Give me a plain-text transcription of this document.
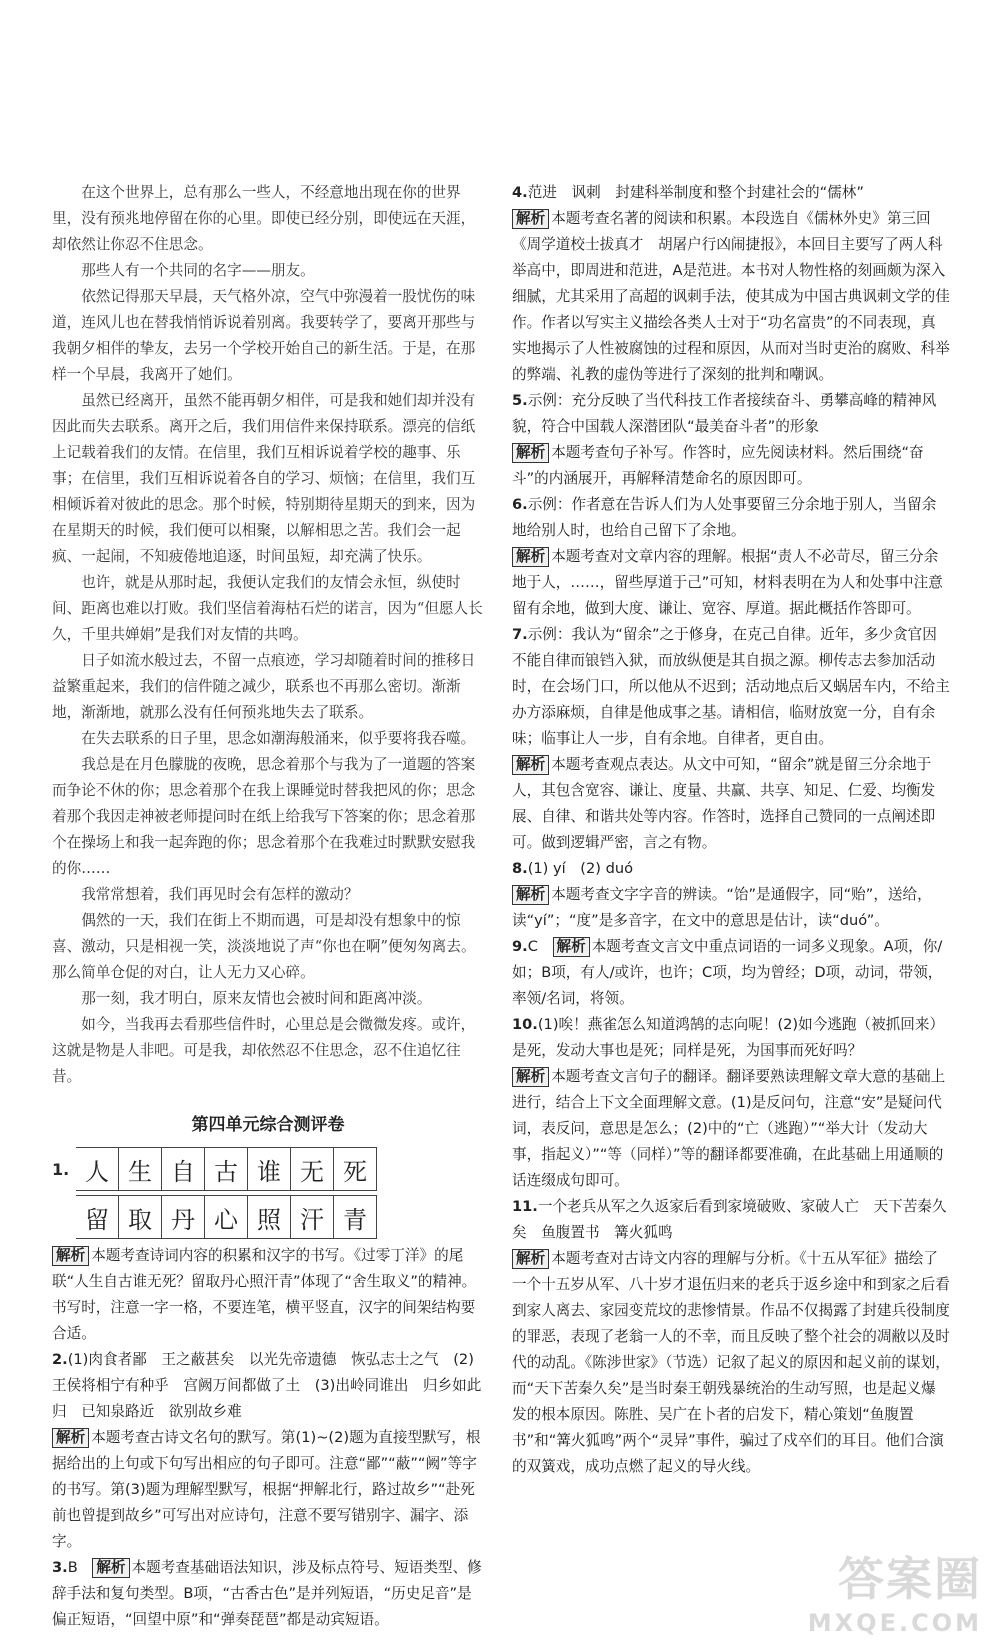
在这个世界上，总有那么一些人，不经意地出现在你的世界里，没有预兆地停留在你的心里。即使已经分别，即使远在天涯，却依然让你忍不住思念。

那些人有一个共同的名字——朋友。

依然记得那天早晨，天气格外凉，空气中弥漫着一股忧伤的味道，连风儿也在替我悄悄诉说着别离。我要转学了，要离开那些与我朝夕相伴的挚友，去另一个学校开始自己的新生活。于是，在那样一个早晨，我离开了她们。

虽然已经离开，虽然不能再朝夕相伴，可是我和她们却并没有因此而失去联系。离开之后，我们用信件来保持联系。漂亮的信纸上记载着我们的友情。在信里，我们互相诉说着学校的趣事、乐事；在信里，我们互相诉说着各自的学习、烦恼；在信里，我们互相倾诉着对彼此的思念。那个时候，特别期待星期天的到来，因为在星期天的时候，我们便可以相聚，以解相思之苦。我们会一起疯、一起闹，不知疲倦地追逐，时间虽短，却充满了快乐。

也许，就是从那时起，我便认定我们的友情会永恒，纵使时间、距离也难以打败。我们坚信着海枯石烂的诺言，因为“但愿人长久，千里共婵娟”是我们对友情的共鸣。

日子如流水般过去，不留一点痕迹，学习却随着时间的推移日益繁重起来，我们的信件随之减少，联系也不再那么密切。渐渐地，渐渐地，就那么没有任何预兆地失去了联系。

在失去联系的日子里，思念如潮海般涌来，似乎要将我吞噬。

我总是在月色朦胧的夜晚，思念着那个与我为了一道题的答案而争论不休的你；思念着那个在我上课睡觉时替我把风的你；思念着那个我因走神被老师提问时在纸上给我写下答案的你；思念着那个在操场上和我一起奔跑的你；思念着那个在我难过时默默安慰我的你……

我常常想着，我们再见时会有怎样的激动？

偶然的一天，我们在街上不期而遇，可是却没有想象中的惊喜、激动，只是相视一笑，淡淡地说了声“你也在啊”便匆匆离去。那么简单仓促的对白，让人无力又心碎。

那一刻，我才明白，原来友情也会被时间和距离冲淡。

如今，当我再去看那些信件时，心里总是会微微发疼。或许，这就是物是人非吧。可是我，却依然忍不住思念，忍不住追忆往昔。

第四单元综合测评卷
1. 人 生 自 古 谁 无 死
留 取 丹 心 照 汗 青

解析 本题考查诗词内容的积累和汉字的书写。《过零丁洋》的尾联“人生自古谁无死？留取丹心照汗青”体现了“舍生取义”的精神。书写时，注意一字一格，不要连笔，横平竖直，汉字的间架结构要合适。

2.(1)肉食者鄙　王之蔽甚矣　以光先帝遗德　恢弘志士之气　(2)王侯将相宁有种乎　宫阙万间都做了土　(3)出岭同谁出　归乡如此归　已知泉路近　欲别故乡难

解析 本题考查古诗文名句的默写。第(1)~(2)题为直接型默写，根据给出的上句或下句写出相应的句子即可。注意“鄙”“蔽”“阙”等字的书写。第(3)题为理解型默写，根据“押解北行，路过故乡”“赴死前也曾提到故乡”可写出对应诗句，注意不要写错别字、漏字、添字。

3.B　解析 本题考查基础语法知识，涉及标点符号、短语类型、修辞手法和复句类型。B项，“古香古色”是并列短语，“历史足音”是偏正短语，“回望中原”和“弹奏琵琶”都是动宾短语。

4.范进　讽刺　封建科举制度和整个封建社会的“儒林”

解析 本题考查名著的阅读和积累。本段选自《儒林外史》第三回《周学道校士拔真才　胡屠户行凶闹捷报》，本回目主要写了两人科举高中，即周进和范进，A是范进。本书对人物性格的刻画颇为深入细腻，尤其采用了高超的讽刺手法，使其成为中国古典讽刺文学的佳作。作者以写实主义描绘各类人士对于“功名富贵”的不同表现，真实地揭示了人性被腐蚀的过程和原因，从而对当时吏治的腐败、科举的弊端、礼教的虚伪等进行了深刻的批判和嘲讽。

5.示例：充分反映了当代科技工作者接续奋斗、勇攀高峰的精神风貌，符合中国载人深潜团队“最美奋斗者”的形象

解析 本题考查句子补写。作答时，应先阅读材料。然后围绕“奋斗”的内涵展开，再解释清楚命名的原因即可。

6.示例：作者意在告诉人们为人处事要留三分余地于别人，当留余地给别人时，也给自己留下了余地。

解析 本题考查对文章内容的理解。根据“责人不必苛尽，留三分余地于人，……，留些厚道于己”可知，材料表明在为人和处事中注意留有余地，做到大度、谦让、宽容、厚道。据此概括作答即可。

7.示例：我认为“留余”之于修身，在克己自律。近年，多少贪官因不能自律而锒铛入狱，而放纵便是其自损之源。柳传志去参加活动时，在会场门口，所以他从不迟到；活动地点后又蜗居车内，不给主办方添麻烦，自律是他成事之基。请相信，临财放宽一分，自有余味；临事让人一步，自有余地。自律者，更自由。

解析 本题考查观点表达。从文中可知，“留余”就是留三分余地于人，其包含宽容、谦让、度量、共赢、共享、知足、仁爱、均衡发展、自律、和谐共处等内容。作答时，选择自己赞同的一点阐述即可。做到逻辑严密，言之有物。

8.(1) yí　(2) duó

解析 本题考查文字字音的辨读。“饴”是通假字，同“贻”，送给，读“yí”；“度”是多音字，在文中的意思是估计，读“duó”。

9.C　解析 本题考查文言文中重点词语的一词多义现象。A项，你/如；B项，有人/或许，也许；C项，均为曾经；D项，动词，带领，率领/名词，将领。

10.(1)唉！燕雀怎么知道鸿鹄的志向呢！(2)如今逃跑（被抓回来）是死，发动大事也是死；同样是死，为国事而死好吗？

解析 本题考查文言句子的翻译。翻译要熟读理解文章大意的基础上进行，结合上下文全面理解文意。(1)是反问句，注意“安”是疑问代词，表反问，意思是怎么；(2)中的“亡（逃跑）”“举大计（发动大事，指起义）”“等（同样）”等的翻译都要准确，在此基础上用通顺的话连缀成句即可。

11.一个老兵从军之久返家后看到家境破败、家破人亡　天下苦秦久矣　鱼腹置书　篝火狐鸣

解析 本题考查对古诗文内容的理解与分析。《十五从军征》描绘了一个十五岁从军、八十岁才退伍归来的老兵于返乡途中和到家之后看到家人离去、家园变荒坟的悲惨情景。作品不仅揭露了封建兵役制度的罪恶，表现了老翁一人的不幸，而且反映了整个社会的凋敝以及时代的动乱。《陈涉世家》（节选）记叙了起义的原因和起义前的谋划，而“天下苦秦久矣”是当时秦王朝残暴统治的生动写照，也是起义爆发的根本原因。陈胜、吴广在卜者的启发下，精心策划“鱼腹置书”和“篝火狐鸣”两个“灵异”事件，骗过了戍卒们的耳目。他们合演的双簧戏，成功点燃了起义的导火线。

答案圈
MXQE.COM
